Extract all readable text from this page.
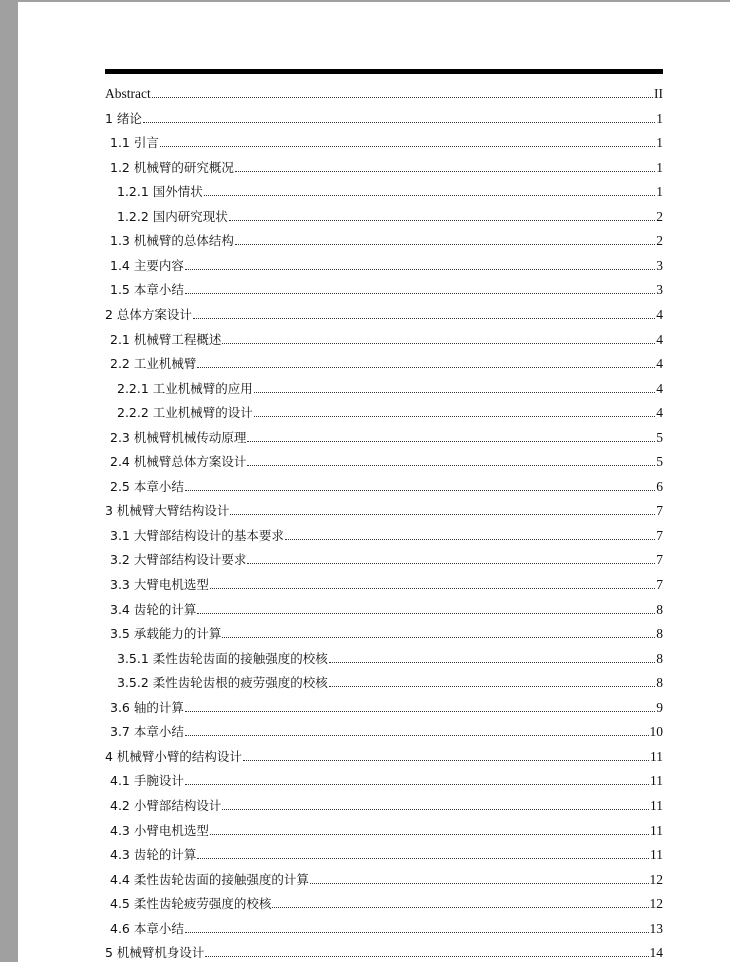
Abstract	II
1 绪论	1
1.1 引言	1
1.2 机械臂的研究概况	1
1.2.1 国外情状	1
1.2.2 国内研究现状	2
1.3 机械臂的总体结构	2
1.4 主要内容	3
1.5 本章小结	3
2 总体方案设计	4
2.1 机械臂工程概述	4
2.2 工业机械臂	4
2.2.1 工业机械臂的应用	4
2.2.2 工业机械臂的设计	4
2.3 机械臂机械传动原理	5
2.4 机械臂总体方案设计	5
2.5 本章小结	6
3 机械臂大臂结构设计	7
3.1 大臂部结构设计的基本要求	7
3.2 大臂部结构设计要求	7
3.3 大臂电机选型	7
3.4 齿轮的计算	8
3.5 承载能力的计算	8
3.5.1 柔性齿轮齿面的接触强度的校核	8
3.5.2 柔性齿轮齿根的疲劳强度的校核	8
3.6 轴的计算	9
3.7 本章小结	10
4 机械臂小臂的结构设计	11
4.1 手腕设计	11
4.2 小臂部结构设计	11
4.3 小臂电机选型	11
4.3 齿轮的计算	11
4.4 柔性齿轮齿面的接触强度的计算	12
4.5 柔性齿轮疲劳强度的校核	12
4.6 本章小结	13
5 机械臂机身设计	14
